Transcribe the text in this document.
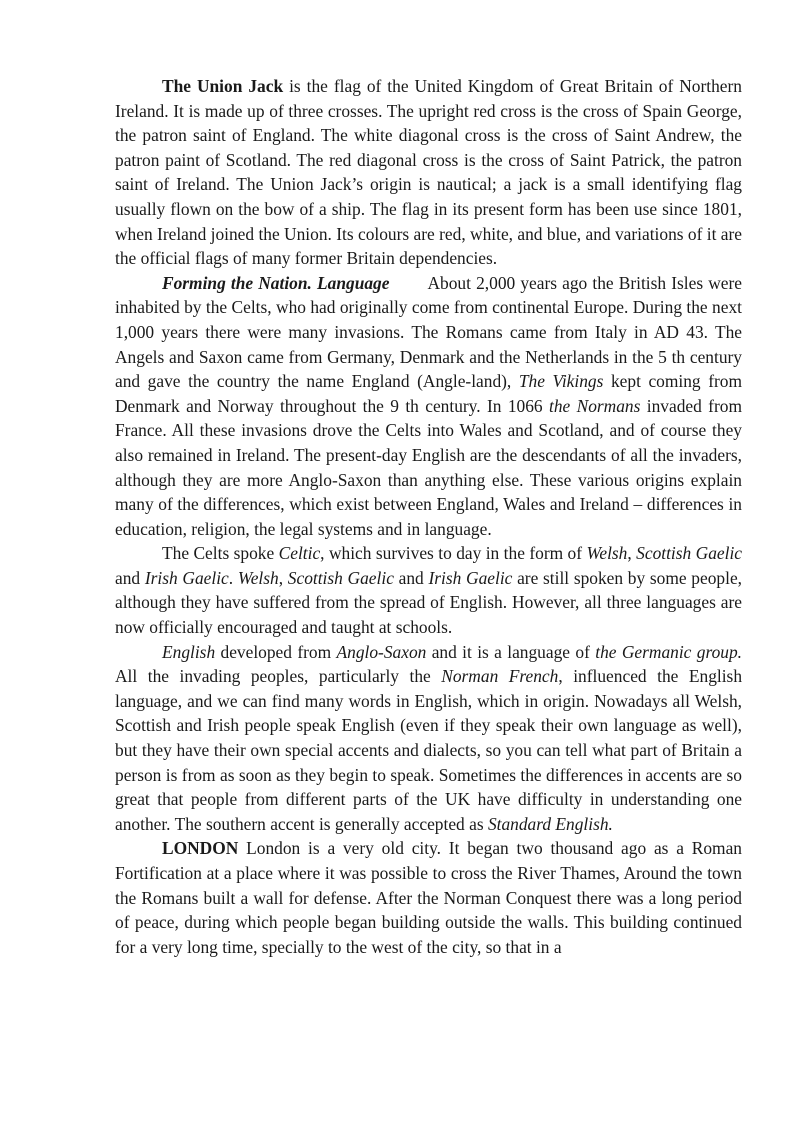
The Union Jack is the flag of the United Kingdom of Great Britain of Northern Ireland. It is made up of three crosses. The upright red cross is the cross of Spain George, the patron saint of England. The white diagonal cross is the cross of Saint Andrew, the patron paint of Scotland. The red diagonal cross is the cross of Saint Patrick, the patron saint of Ireland. The Union Jack’s origin is nautical; a jack is a small identifying flag usually flown on the bow of a ship. The flag in its present form has been use since 1801, when Ireland joined the Union. Its colours are red, white, and blue, and variations of it are the official flags of many former Britain dependencies.

Forming the Nation. Language About 2,000 years ago the British Isles were inhabited by the Celts, who had originally come from continental Europe. During the next 1,000 years there were many invasions. The Romans came from Italy in AD 43. The Angels and Saxon came from Germany, Denmark and the Netherlands in the 5 th century and gave the country the name England (Angle-land), The Vikings kept coming from Denmark and Norway throughout the 9 th century. In 1066 the Normans invaded from France. All these invasions drove the Celts into Wales and Scotland, and of course they also remained in Ireland. The present-day English are the descendants of all the invaders, although they are more Anglo-Saxon than anything else. These various origins explain many of the differences, which exist between England, Wales and Ireland – differences in education, religion, the legal systems and in language.

The Celts spoke Celtic, which survives to day in the form of Welsh, Scottish Gaelic and Irish Gaelic. Welsh, Scottish Gaelic and Irish Gaelic are still spoken by some people, although they have suffered from the spread of English. However, all three languages are now officially encouraged and taught at schools.

English developed from Anglo-Saxon and it is a language of the Germanic group. All the invading peoples, particularly the Norman French, influenced the English language, and we can find many words in English, which in origin. Nowadays all Welsh, Scottish and Irish people speak English (even if they speak their own language as well), but they have their own special accents and dialects, so you can tell what part of Britain a person is from as soon as they begin to speak. Sometimes the differences in accents are so great that people from different parts of the UK have difficulty in understanding one another. The southern accent is generally accepted as Standard English.

LONDON London is a very old city. It began two thousand ago as a Roman Fortification at a place where it was possible to cross the River Thames, Around the town the Romans built a wall for defense. After the Norman Conquest there was a long period of peace, during which people began building outside the walls. This building continued for a very long time, specially to the west of the city, so that in a
